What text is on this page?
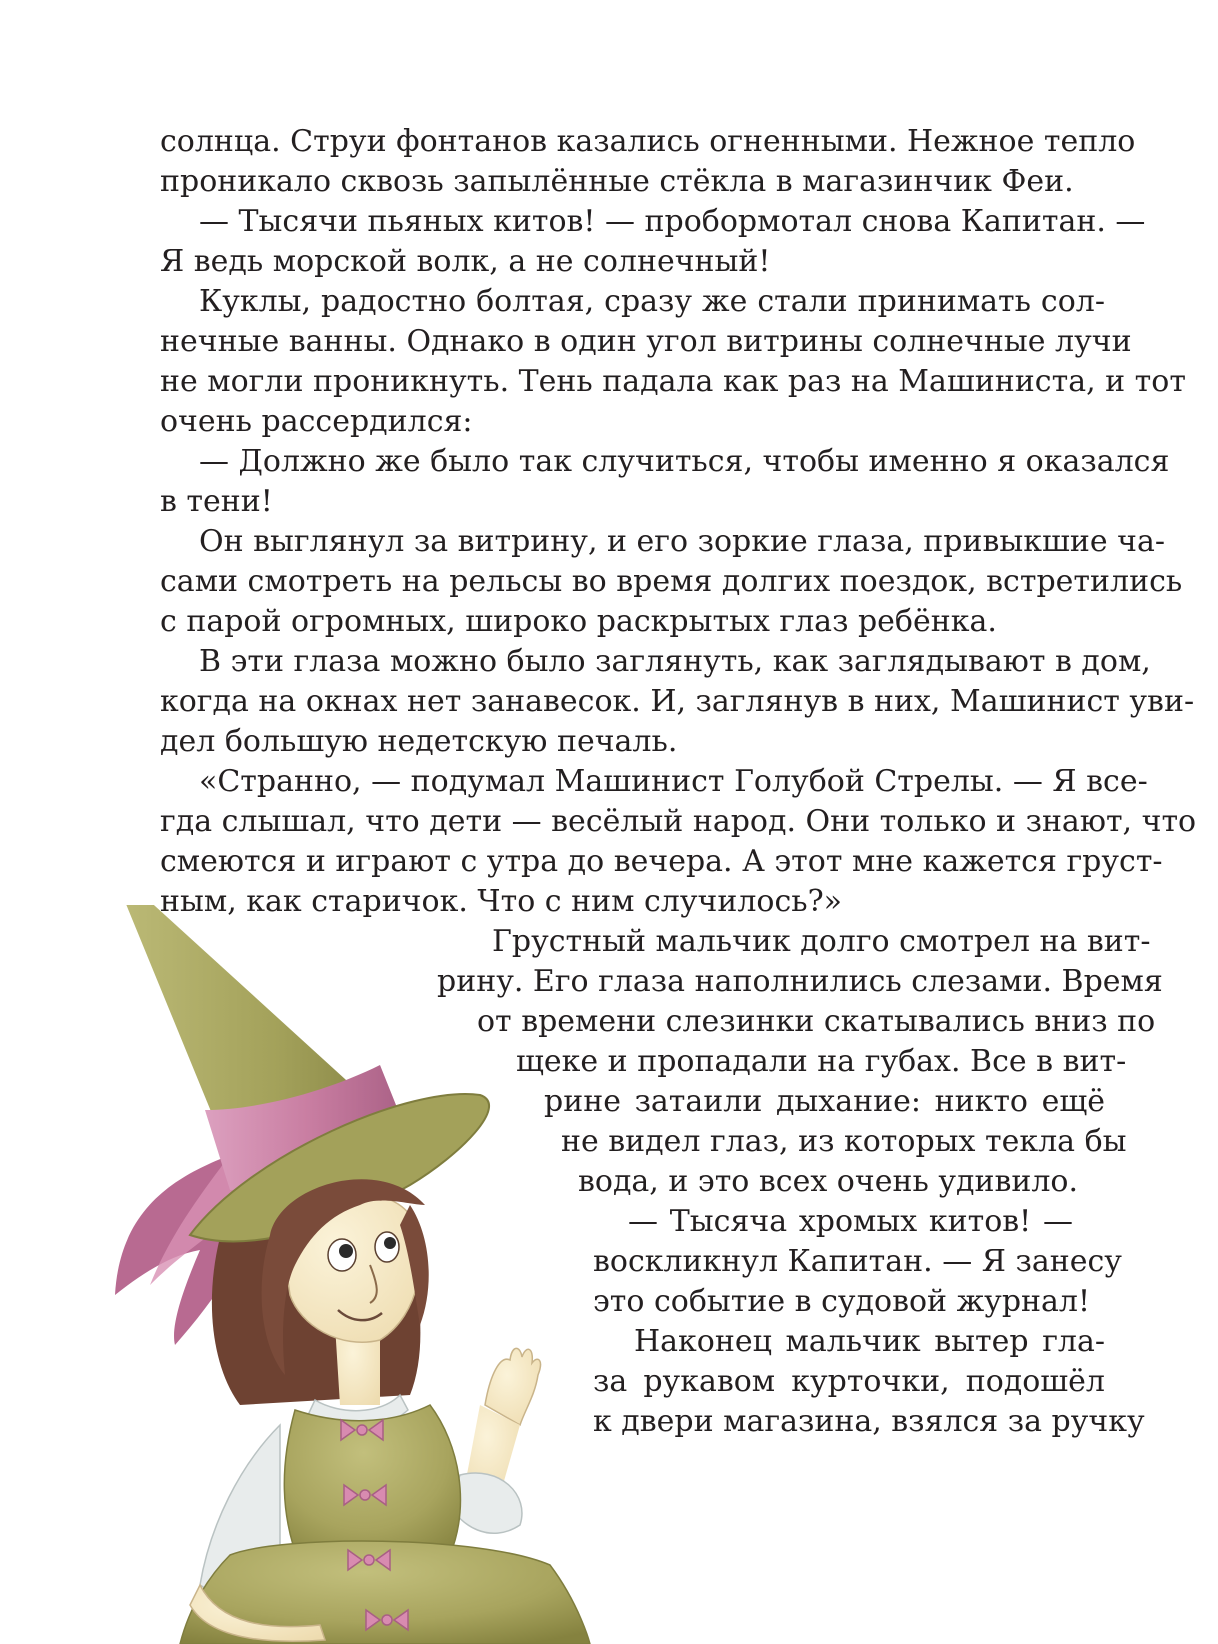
солнца. Струи фонтанов казались огненными. Нежное тепло
проникало сквозь запылённые стёкла в магазинчик Феи.
— Тысячи пьяных китов! — пробормотал снова Капитан. —
Я ведь морской волк, а не солнечный!
Куклы, радостно болтая, сразу же стали принимать сол-
нечные ванны. Однако в один угол витрины солнечные лучи
не могли проникнуть. Тень падала как раз на Машиниста, и тот
очень рассердился:
— Должно же было так случиться, чтобы именно я оказался
в тени!
Он выглянул за витрину, и его зоркие глаза, привыкшие ча-
сами смотреть на рельсы во время долгих поездок, встретились
с парой огромных, широко раскрытых глаз ребёнка.
В эти глаза можно было заглянуть, как заглядывают в дом,
когда на окнах нет занавесок. И, заглянув в них, Машинист уви-
дел большую недетскую печаль.
«Странно, — подумал Машинист Голубой Стрелы. — Я все-
гда слышал, что дети — весёлый народ. Они только и знают, что
смеются и играют с утра до вечера. А этот мне кажется груст-
ным, как старичок. Что с ним случилось?»
Грустный мальчик долго смотрел на вит-
рину. Его глаза наполнились слезами. Время
от времени слезинки скатывались вниз по
щеке и пропадали на губах. Все в вит-
рине затаили дыхание: никто ещё
не видел глаз, из которых текла бы
вода, и это всех очень удивило.
— Тысяча хромых китов! —
воскликнул Капитан. — Я занесу
это событие в судовой журнал!
Наконец мальчик вытер гла-
за рукавом курточки, подошёл
к двери магазина, взялся за ручку
